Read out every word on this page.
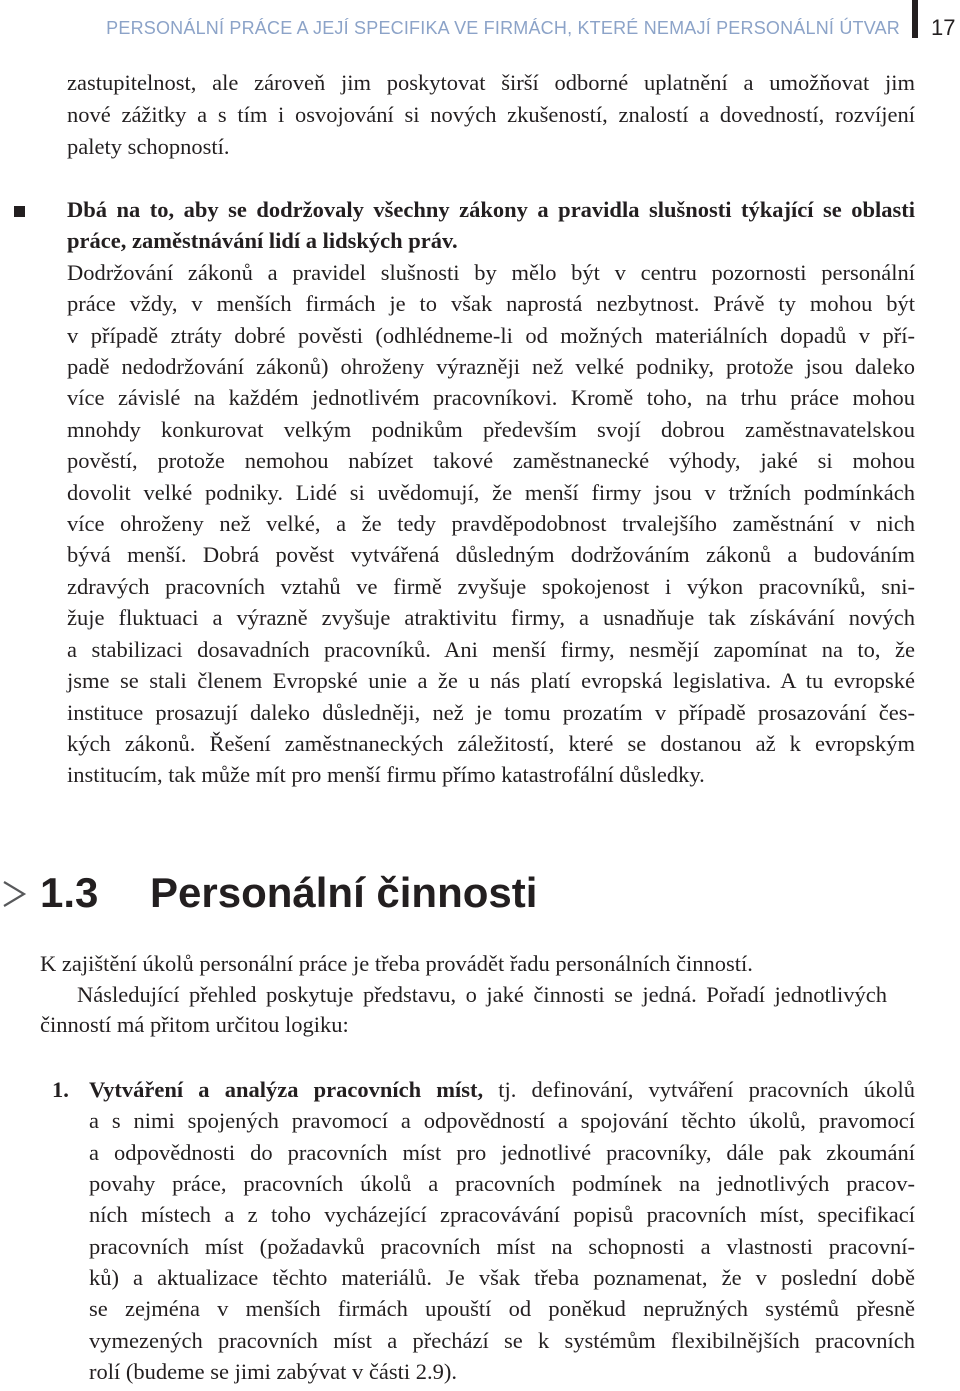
PERSONÁLNÍ PRÁCE A JEJÍ SPECIFIKA VE FIRMÁCH, KTERÉ NEMAJÍ PERSONÁLNÍ ÚTVAR 17
zastupitelnost, ale zároveň jim poskytovat širší odborné uplatnění a umožňovat jim
nové zážitky a s tím i osvojování si nových zkušeností, znalostí a dovedností, rozvíjení
palety schopností.
Dbá na to, aby se dodržovaly všechny zákony a pravidla slušnosti týkající se oblasti
práce, zaměstnávání lidí a lidských práv.
Dodržování zákonů a pravidel slušnosti by mělo být v centru pozornosti personální
práce vždy, v menších firmách je to však naprostá nezbytnost. Právě ty mohou být
v případě ztráty dobré pověsti (odhlédneme-li od možných materiálních dopadů v pří-
padě nedodržování zákonů) ohroženy výrazněji než velké podniky, protože jsou daleko
více závislé na každém jednotlivém pracovníkovi. Kromě toho, na trhu práce mohou
mnohdy konkurovat velkým podnikům především svojí dobrou zaměstnavatelskou
pověstí, protože nemohou nabízet takové zaměstnanecké výhody, jaké si mohou
dovolit velké podniky. Lidé si uvědomují, že menší firmy jsou v tržních podmínkách
více ohroženy než velké, a že tedy pravděpodobnost trvalejšího zaměstnání v nich
bývá menší. Dobrá pověst vytvářená důsledným dodržováním zákonů a budováním
zdravých pracovních vztahů ve firmě zvyšuje spokojenost i výkon pracovníků, sni-
žuje fluktuaci a výrazně zvyšuje atraktivitu firmy, a usnadňuje tak získávání nových
a stabilizaci dosavadních pracovníků. Ani menší firmy, nesmějí zapomínat na to, že
jsme se stali členem Evropské unie a že u nás platí evropská legislativa. A tu evropské
instituce prosazují daleko důsledněji, než je tomu prozatím v případě prosazování čes-
kých zákonů. Řešení zaměstnaneckých záležitostí, které se dostanou až k evropským
institucím, tak může mít pro menší firmu přímo katastrofální důsledky.
1.3 Personální činnosti
K zajištění úkolů personální práce je třeba provádět řadu personálních činností.
Následující přehled poskytuje představu, o jaké činnosti se jedná. Pořadí jednotlivých
činností má přitom určitou logiku:
1. Vytváření a analýza pracovních míst, tj. definování, vytváření pracovních úkolů
a s nimi spojených pravomocí a odpovědností a spojování těchto úkolů, pravomocí
a odpovědnosti do pracovních míst pro jednotlivé pracovníky, dále pak zkoumání
povahy práce, pracovních úkolů a pracovních podmínek na jednotlivých pracov-
ních místech a z toho vycházející zpracovávání popisů pracovních míst, specifikací
pracovních míst (požadavků pracovních míst na schopnosti a vlastnosti pracovní-
ků) a aktualizace těchto materiálů. Je však třeba poznamenat, že v poslední době
se zejména v menších firmách upouští od poněkud nepružných systémů přesně
vymezených pracovních míst a přechází se k systémům flexibilnějších pracovních
rolí (budeme se jimi zabývat v části 2.9).
